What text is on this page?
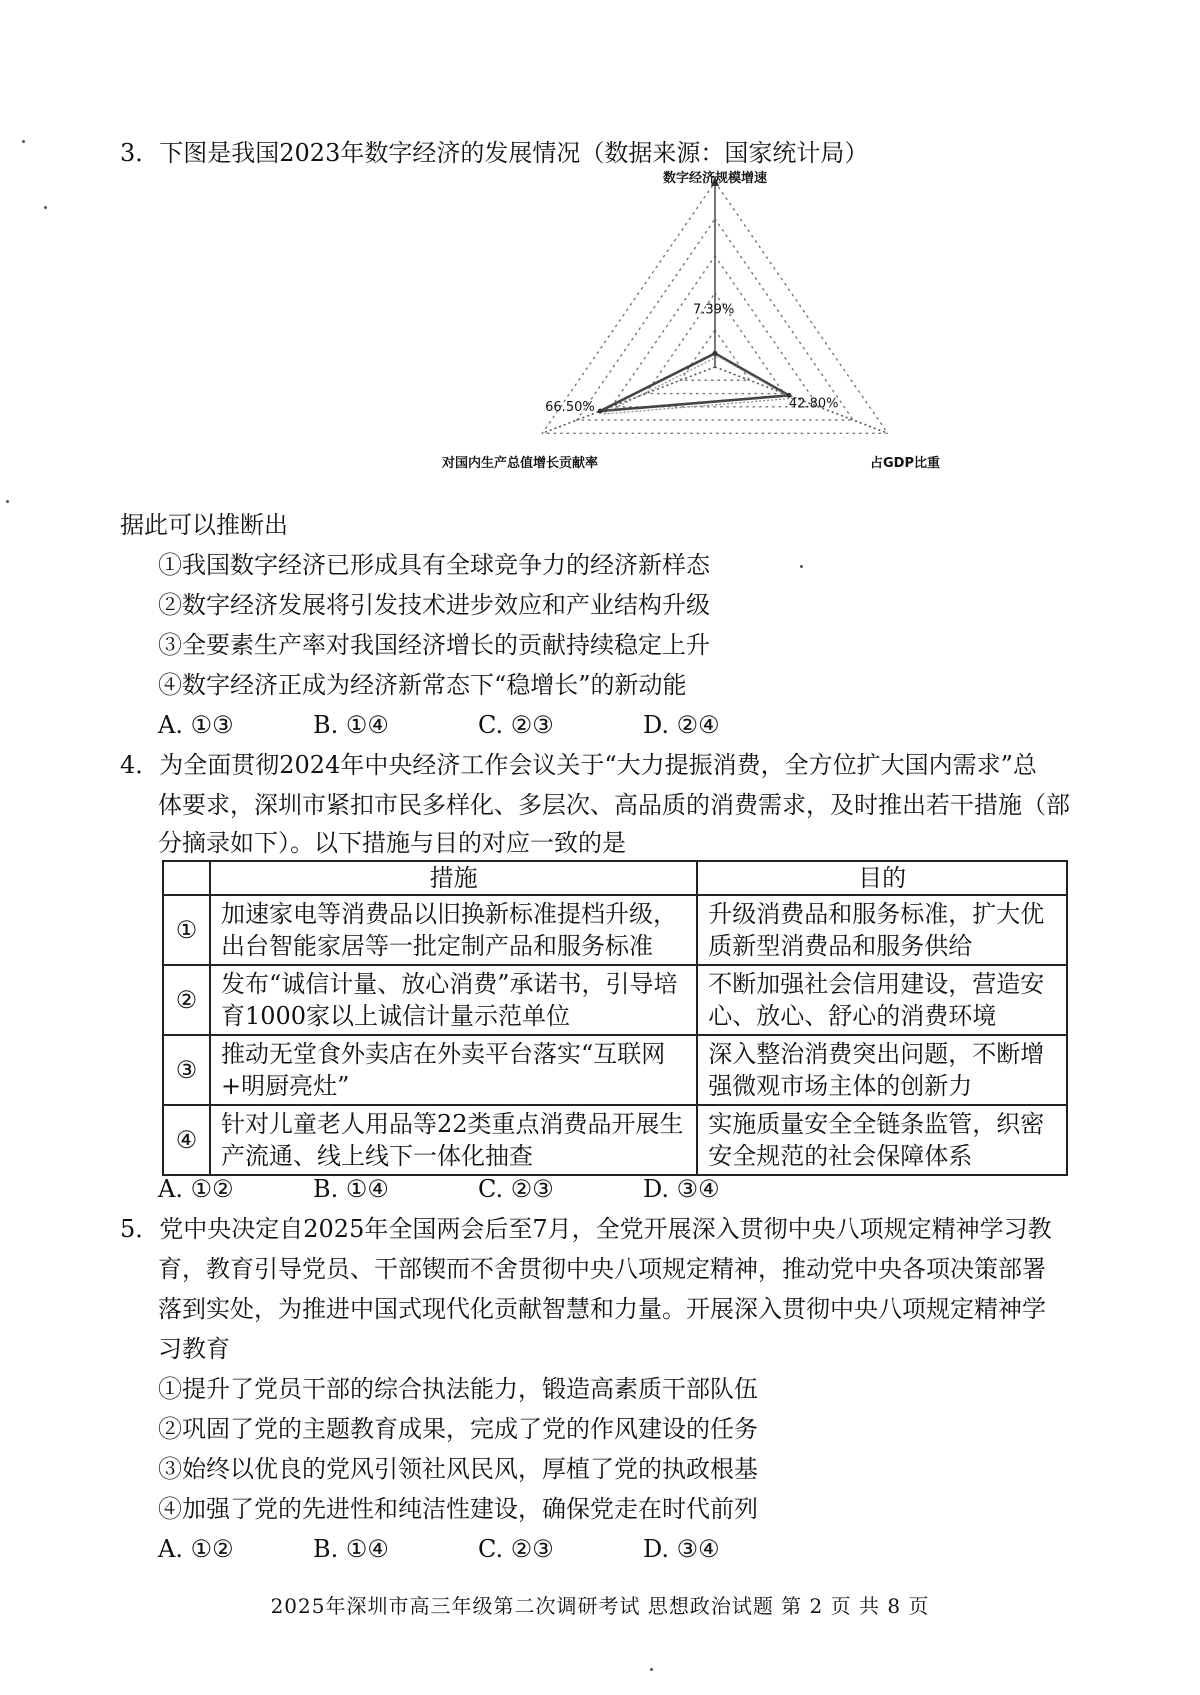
3．下图是我国2023年数字经济的发展情况（数据来源：国家统计局）
7.39%
42.80%
66.50%
数字经济规模增速
占GDP比重
对国内生产总值增长贡献率
据此可以推断出
①我国数字经济已形成具有全球竞争力的经济新样态
②数字经济发展将引发技术进步效应和产业结构升级
③全要素生产率对我国经济增长的贡献持续稳定上升
④数字经济正成为经济新常态下“稳增长”的新动能
A. ①③	B. ①④	C. ②③	D. ②④
4．为全面贯彻2024年中央经济工作会议关于“大力提振消费，全方位扩大国内需求”总
体要求，深圳市紧扣市民多样化、多层次、高品质的消费需求，及时推出若干措施（部
分摘录如下）。以下措施与目的对应一致的是
	措施	目的
①	加速家电等消费品以旧换新标准提档升级，出台智能家居等一批定制产品和服务标准	升级消费品和服务标准，扩大优质新型消费品和服务供给
②	发布“诚信计量、放心消费”承诺书，引导培育1000家以上诚信计量示范单位	不断加强社会信用建设，营造安心、放心、舒心的消费环境
③	推动无堂食外卖店在外卖平台落实“互联网+明厨亮灶”	深入整治消费突出问题，不断增强微观市场主体的创新力
④	针对儿童老人用品等22类重点消费品开展生产流通、线上线下一体化抽查	实施质量安全全链条监管，织密安全规范的社会保障体系
A. ①②	B. ①④	C. ②③	D. ③④
5．党中央决定自2025年全国两会后至7月，全党开展深入贯彻中央八项规定精神学习教
育，教育引导党员、干部锲而不舍贯彻中央八项规定精神，推动党中央各项决策部署
落到实处，为推进中国式现代化贡献智慧和力量。开展深入贯彻中央八项规定精神学
习教育
①提升了党员干部的综合执法能力，锻造高素质干部队伍
②巩固了党的主题教育成果，完成了党的作风建设的任务
③始终以优良的党风引领社风民风，厚植了党的执政根基
④加强了党的先进性和纯洁性建设，确保党走在时代前列
A. ①②	B. ①④	C. ②③	D. ③④
2025年深圳市高三年级第二次调研考试 思想政治试题 第 2 页 共 8 页
